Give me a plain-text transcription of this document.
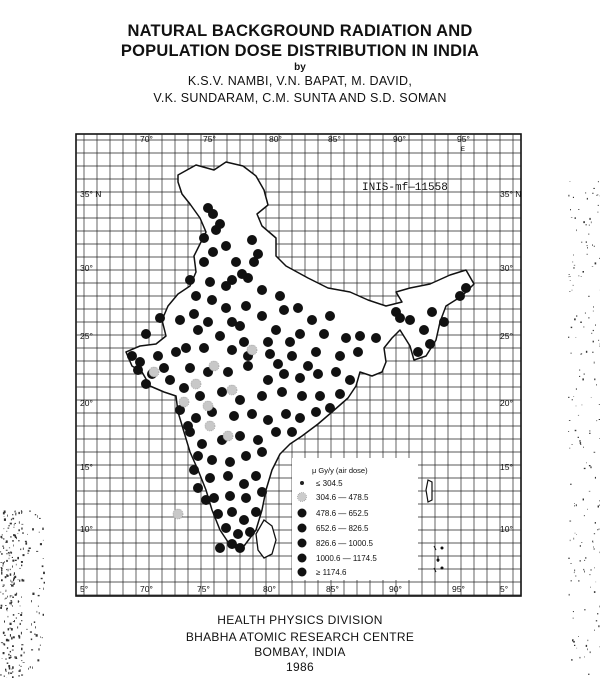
NATURAL BACKGROUND RADIATION AND
POPULATION DOSE DISTRIBUTION IN INDIA
by
K.S.V. NAMBI, V.N. BAPAT, M. DAVID,
V.K. SUNDARAM, C.M. SUNTA AND S.D. SOMAN
INIS-mf—11558
70°	75°	80°	85°	90°	95°
E
70°	75°	80°	85°	90°	95°
35° N
30°
25°
20°
15°
10°
5°
35° N
30°
25°
20°
15°
10°
5°
μ Gy/y (air dose)
≤ 304.5
304.6 — 478.5
478.6 — 652.5
652.6 — 826.5
826.6 — 1000.5
1000.6 — 1174.5
≥ 1174.6
HEALTH PHYSICS DIVISION
BHABHA ATOMIC RESEARCH CENTRE
BOMBAY, INDIA
1986
